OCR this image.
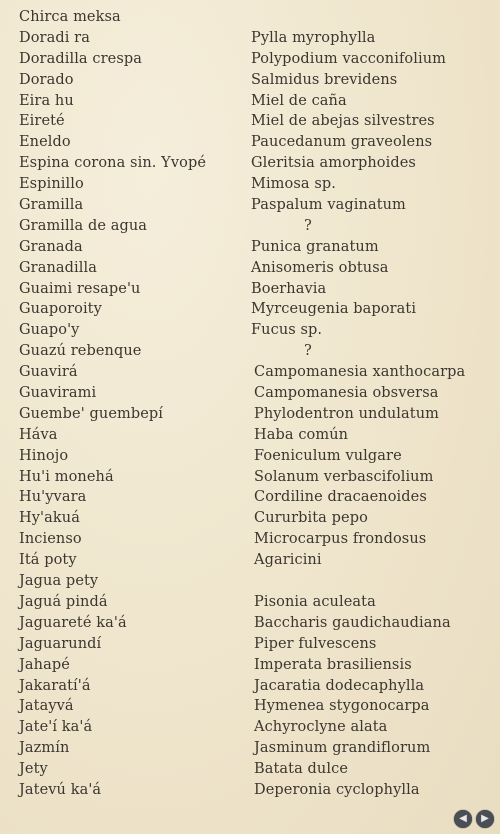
Chirca meksa
Doradi ra	Pylla myrophylla
Doradilla crespa	Polypodium vacconifolium
Dorado	Salmidus brevidens
Eira hu	Miel de caña
Eireté	Miel de abejas silvestres
Eneldo	Paucedanum graveolens
Espina corona sin. Yvopé	Gleritsia amorphoides
Espinillo	Mimosa sp.
Gramilla	Paspalum vaginatum
Gramilla de agua	?
Granada	Punica granatum
Granadilla	Anisomeris obtusa
Guaimi resape'u	Boerhavia
Guaporoity	Myrceugenia baporati
Guapo'y	Fucus sp.
Guazú rebenque	?
Guavirá	Campomanesia xanthocarpa
Guavirami	Campomanesia obsversa
Guembe' guembepí	Phylodentron undulatum
Háva	Haba común
Hinojo	Foeniculum vulgare
Hu'i monehá	Solanum verbascifolium
Hu'yvara	Cordiline dracaenoides
Hy'akuá	Cururbita pepo
Incienso	Microcarpus frondosus
Itá poty	Agaricini
Jagua pety
Jaguá pindá	Pisonia aculeata
Jaguareté ka'á	Baccharis gaudichaudiana
Jaguarundí	Piper fulvescens
Jahapé	Imperata brasiliensis
Jakaratí'á	Jacaratia dodecaphylla
Jatayvá	Hymenea stygonocarpa
Jate'í ka'á	Achyroclyne alata
Jazmín	Jasminum grandiflorum
Jety	Batata dulce
Jatevú ka'á	Deperonia cyclophylla
◀	▶
